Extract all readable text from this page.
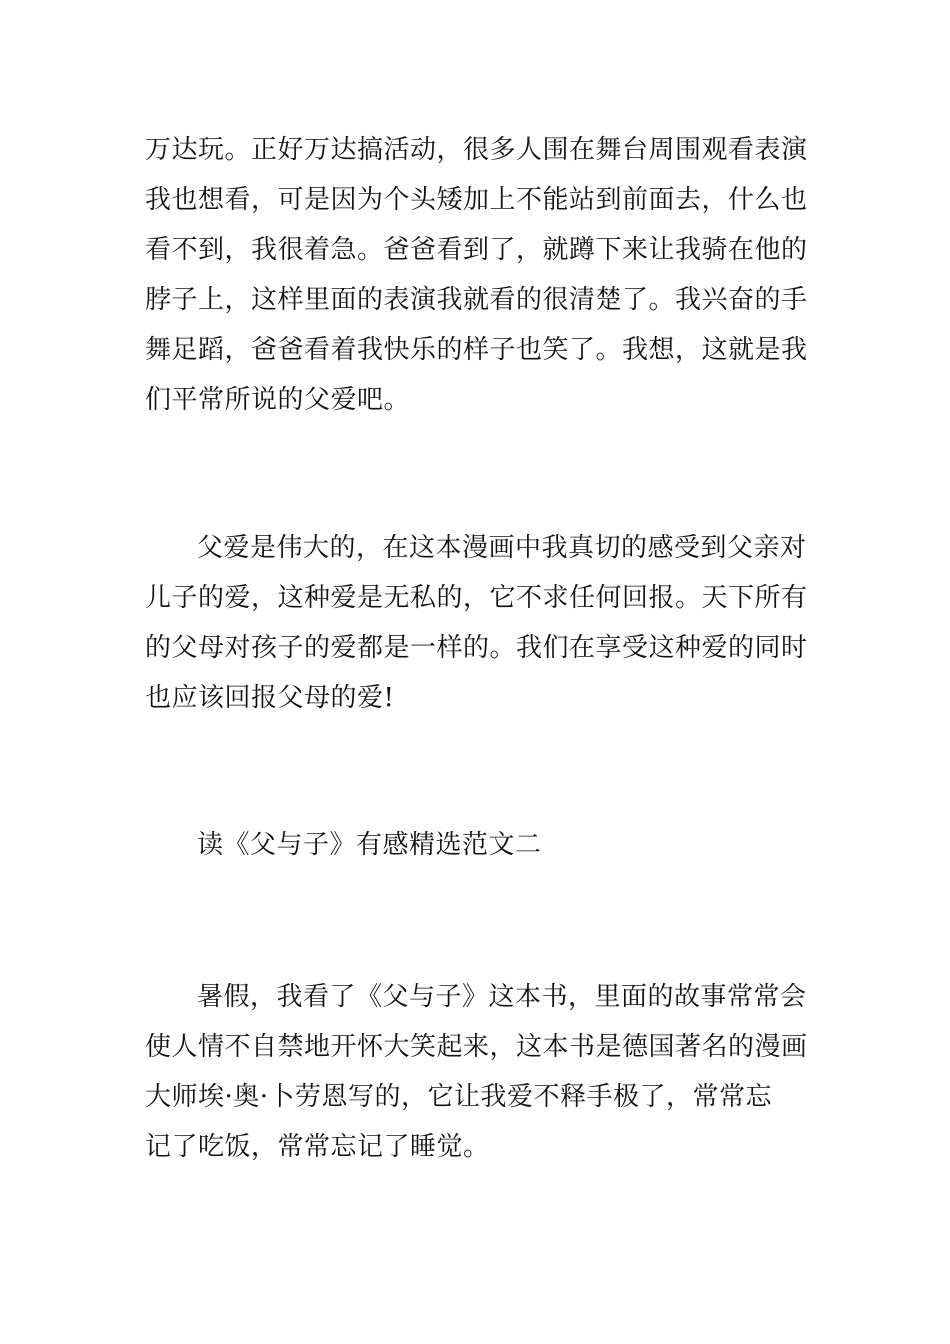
万达玩。正好万达搞活动，很多人围在舞台周围观看表演
我也想看，可是因为个头矮加上不能站到前面去，什么也
看不到，我很着急。爸爸看到了，就蹲下来让我骑在他的
脖子上，这样里面的表演我就看的很清楚了。我兴奋的手
舞足蹈，爸爸看着我快乐的样子也笑了。我想，这就是我
们平常所说的父爱吧。
父爱是伟大的，在这本漫画中我真切的感受到父亲对
儿子的爱，这种爱是无私的，它不求任何回报。天下所有
的父母对孩子的爱都是一样的。我们在享受这种爱的同时
也应该回报父母的爱!
读《父与子》有感精选范文二
暑假，我看了《父与子》这本书，里面的故事常常会
使人情不自禁地开怀大笑起来，这本书是德国著名的漫画
大师埃·奥·卜劳恩写的，它让我爱不释手极了，常常忘
记了吃饭，常常忘记了睡觉。
